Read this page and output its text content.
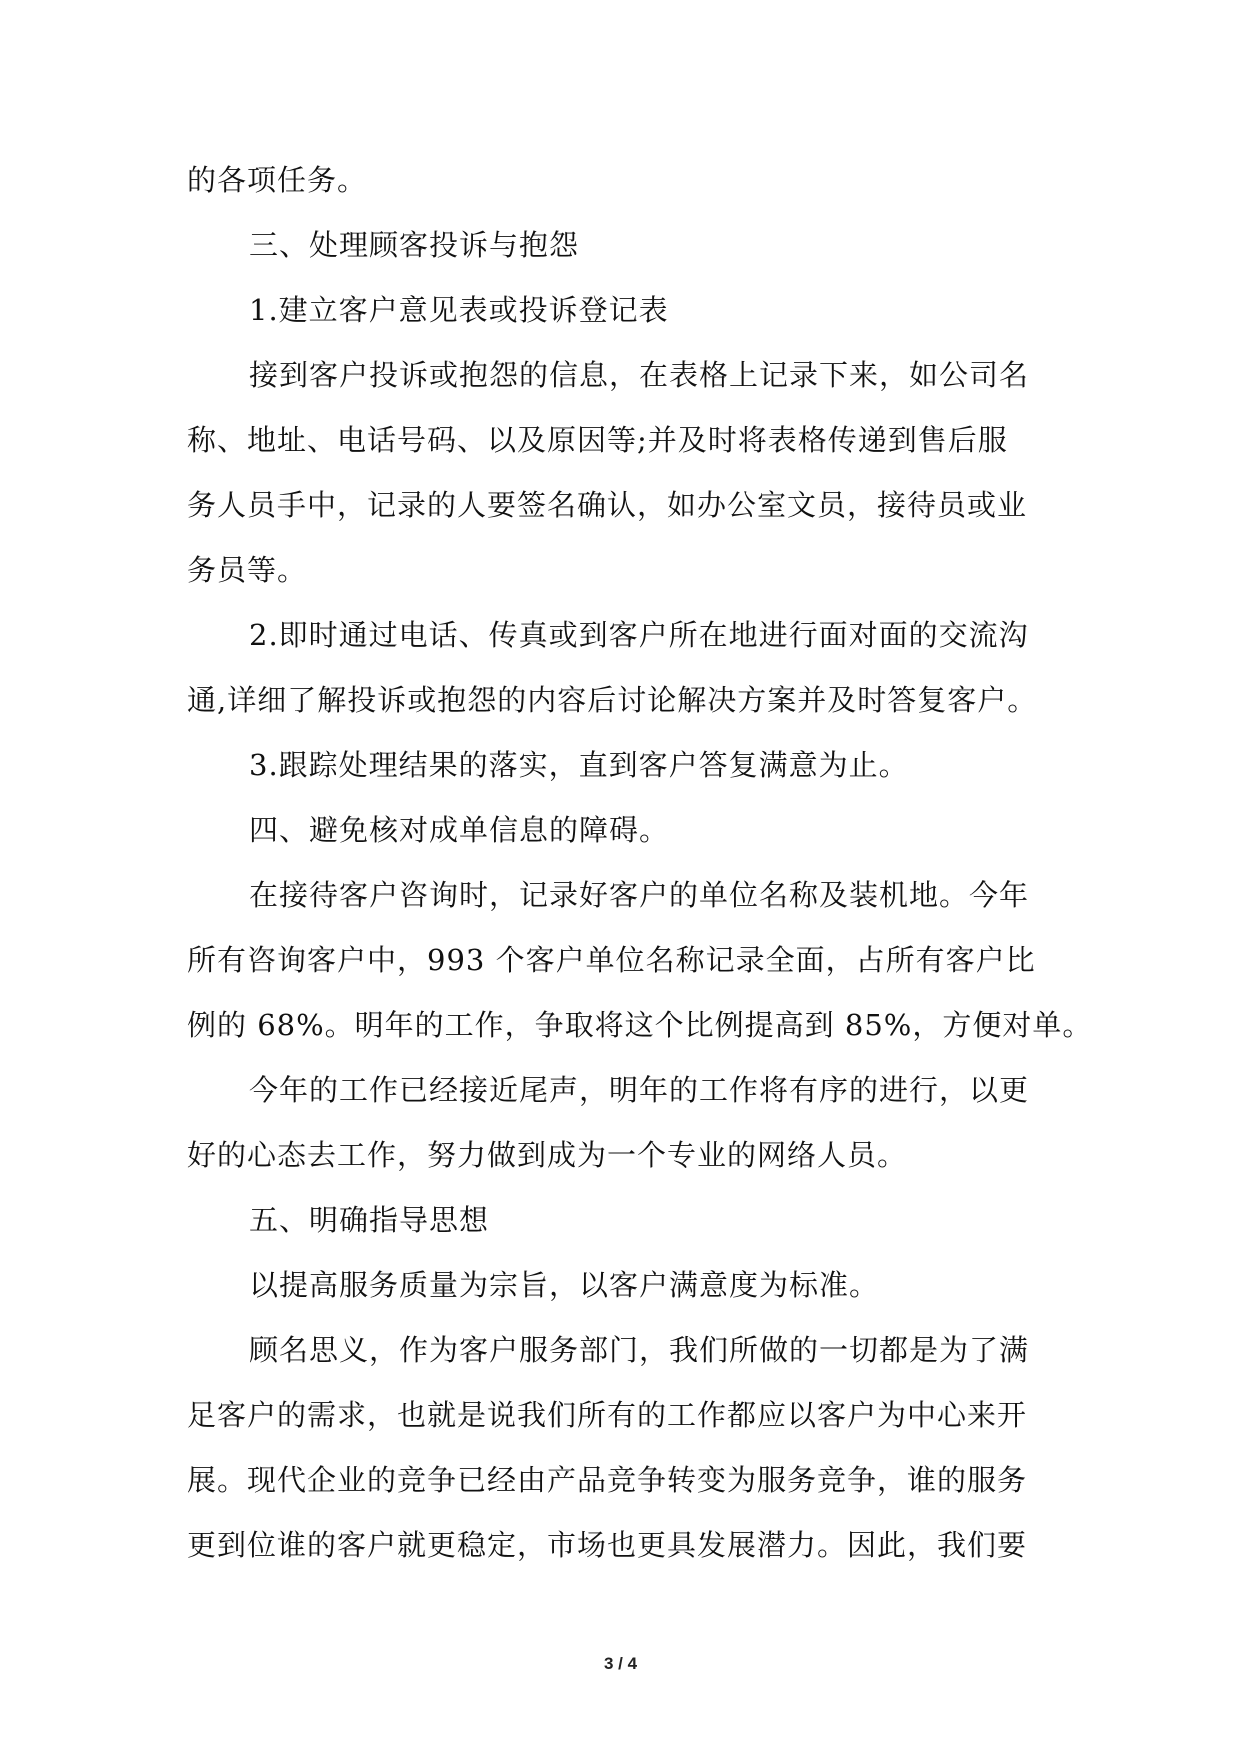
的各项任务。
三、处理顾客投诉与抱怨
1.建立客户意见表或投诉登记表
接到客户投诉或抱怨的信息，在表格上记录下来，如公司名
称、地址、电话号码、以及原因等;并及时将表格传递到售后服
务人员手中，记录的人要签名确认，如办公室文员，接待员或业
务员等。
2.即时通过电话、传真或到客户所在地进行面对面的交流沟
通,详细了解投诉或抱怨的内容后讨论解决方案并及时答复客户。
3.跟踪处理结果的落实，直到客户答复满意为止。
四、避免核对成单信息的障碍。
在接待客户咨询时，记录好客户的单位名称及装机地。今年
所有咨询客户中，993 个客户单位名称记录全面，占所有客户比
例的 68%。明年的工作，争取将这个比例提高到 85%，方便对单。
今年的工作已经接近尾声，明年的工作将有序的进行，以更
好的心态去工作，努力做到成为一个专业的网络人员。
五、明确指导思想
以提高服务质量为宗旨，以客户满意度为标准。
顾名思义，作为客户服务部门，我们所做的一切都是为了满
足客户的需求，也就是说我们所有的工作都应以客户为中心来开
展。现代企业的竞争已经由产品竞争转变为服务竞争，谁的服务
更到位谁的客户就更稳定，市场也更具发展潜力。因此，我们要
3 / 4
